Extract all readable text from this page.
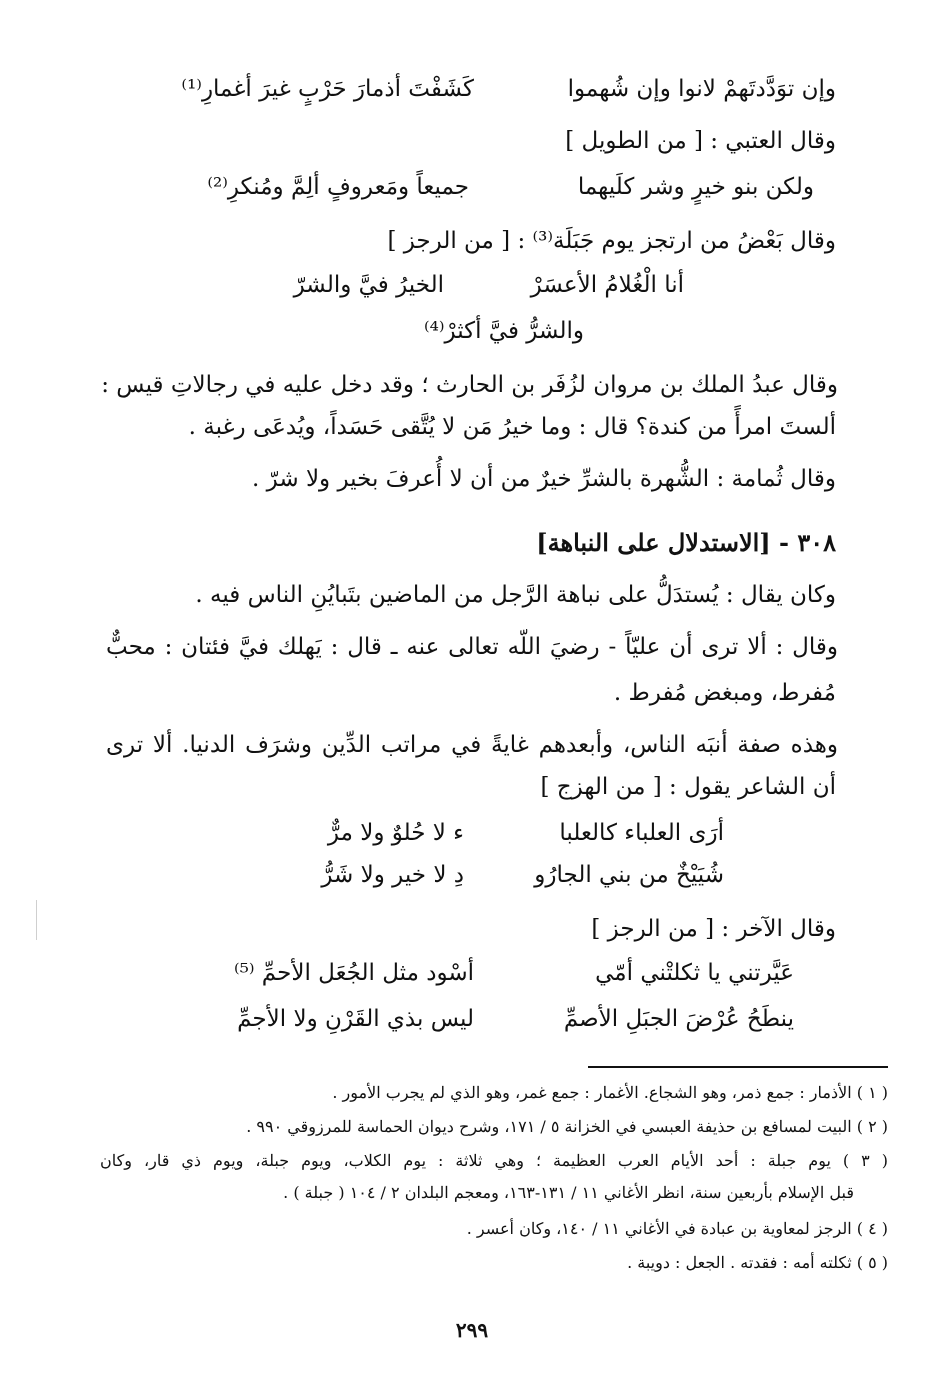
وإن توَدَّدتَهمْ لانوا وإن شُهموا
كَشَفْتَ أذمارَ حَرْبٍ غيرَ أغمارِ⁽¹⁾
وقال العتبي : [ من الطويل ]
ولكن بنو خيرٍ وشر كلَيهما
جميعاً ومَعروفٍ ألِمَّ ومُنكرِ⁽²⁾
وقال بَعْضُ من ارتجز يوم جَبَلَة⁽³⁾ : [ من الرجز ]
أنا الْغُلامُ الأعسَرْ
الخيرُ فيَّ والشرّ
والشرُّ فيَّ أكثرْ⁽⁴⁾
وقال عبدُ الملك بن مروان لزُفَر بن الحارث ؛ وقد دخل عليه في رجالاتِ قيس :
ألستَ امرأً من كندة؟ قال : وما خيرُ مَن لا يُتَّقى حَسَداً، ويُدعَى رغبة .
وقال ثُمامة : الشُّهرة بالشرِّ خيرٌ من أن لا أُعرفَ بخير ولا شرّ .
٣٠٨ - [الاستدلال على النباهة]
وكان يقال : يُستدَلُّ على نباهة الرَّجل من الماضين بتَبايُنِ الناس فيه .
وقال : ألا ترى أن عليّاً - رضيَ اللّه تعالى عنه ـ قال : يَهلك فيَّ فئتان : محبٌّ
مُفرط، ومبغض مُفرط .
وهذه صفة أنبَه الناس، وأبعدهم غايةً في مراتب الدِّين وشرَف الدنيا. ألا ترى
أن الشاعر يقول : [ من الهزج ]
أرَى العلباء كالعلبا
ء لا حُلوٌ ولا مرٌّ
شُيَيْخٌ من بني الجارُو
دِ لا خير ولا شَرُّ
وقال الآخر : [ من الرجز ]
عَيَّرتني يا ثكلتْني أمّي
أسْود مثل الجُعَل الأحمِّ ⁽⁵⁾
ينطَحُ عُرْضَ الجبَلِ الأصمِّ
ليس بذي القَرْنِ ولا الأجمِّ
( ١ ) الأذمار : جمع ذمر، وهو الشجاع. الأغمار : جمع غمر، وهو الذي لم يجرب الأمور .
( ٢ ) البيت لمسافع بن حذيفة العبسي في الخزانة ٥ / ١٧١، وشرح ديوان الحماسة للمرزوقي ٩٩٠ .
( ٣ ) يوم جبلة : أحد الأيام العرب العظيمة ؛ وهي ثلاثة : يوم الكلاب، ويوم جبلة، ويوم ذي قار، وكان
قبل الإسلام بأربعين سنة، انظر الأغاني ١١ / ١٣١-١٦٣، ومعجم البلدان ٢ / ١٠٤ ( جبلة ) .
( ٤ ) الرجز لمعاوية بن عبادة في الأغاني ١١ / ١٤٠، وكان أعسر .
( ٥ ) ثكلته أمه : فقدته . الجعل : دويبة .
٢٩٩
